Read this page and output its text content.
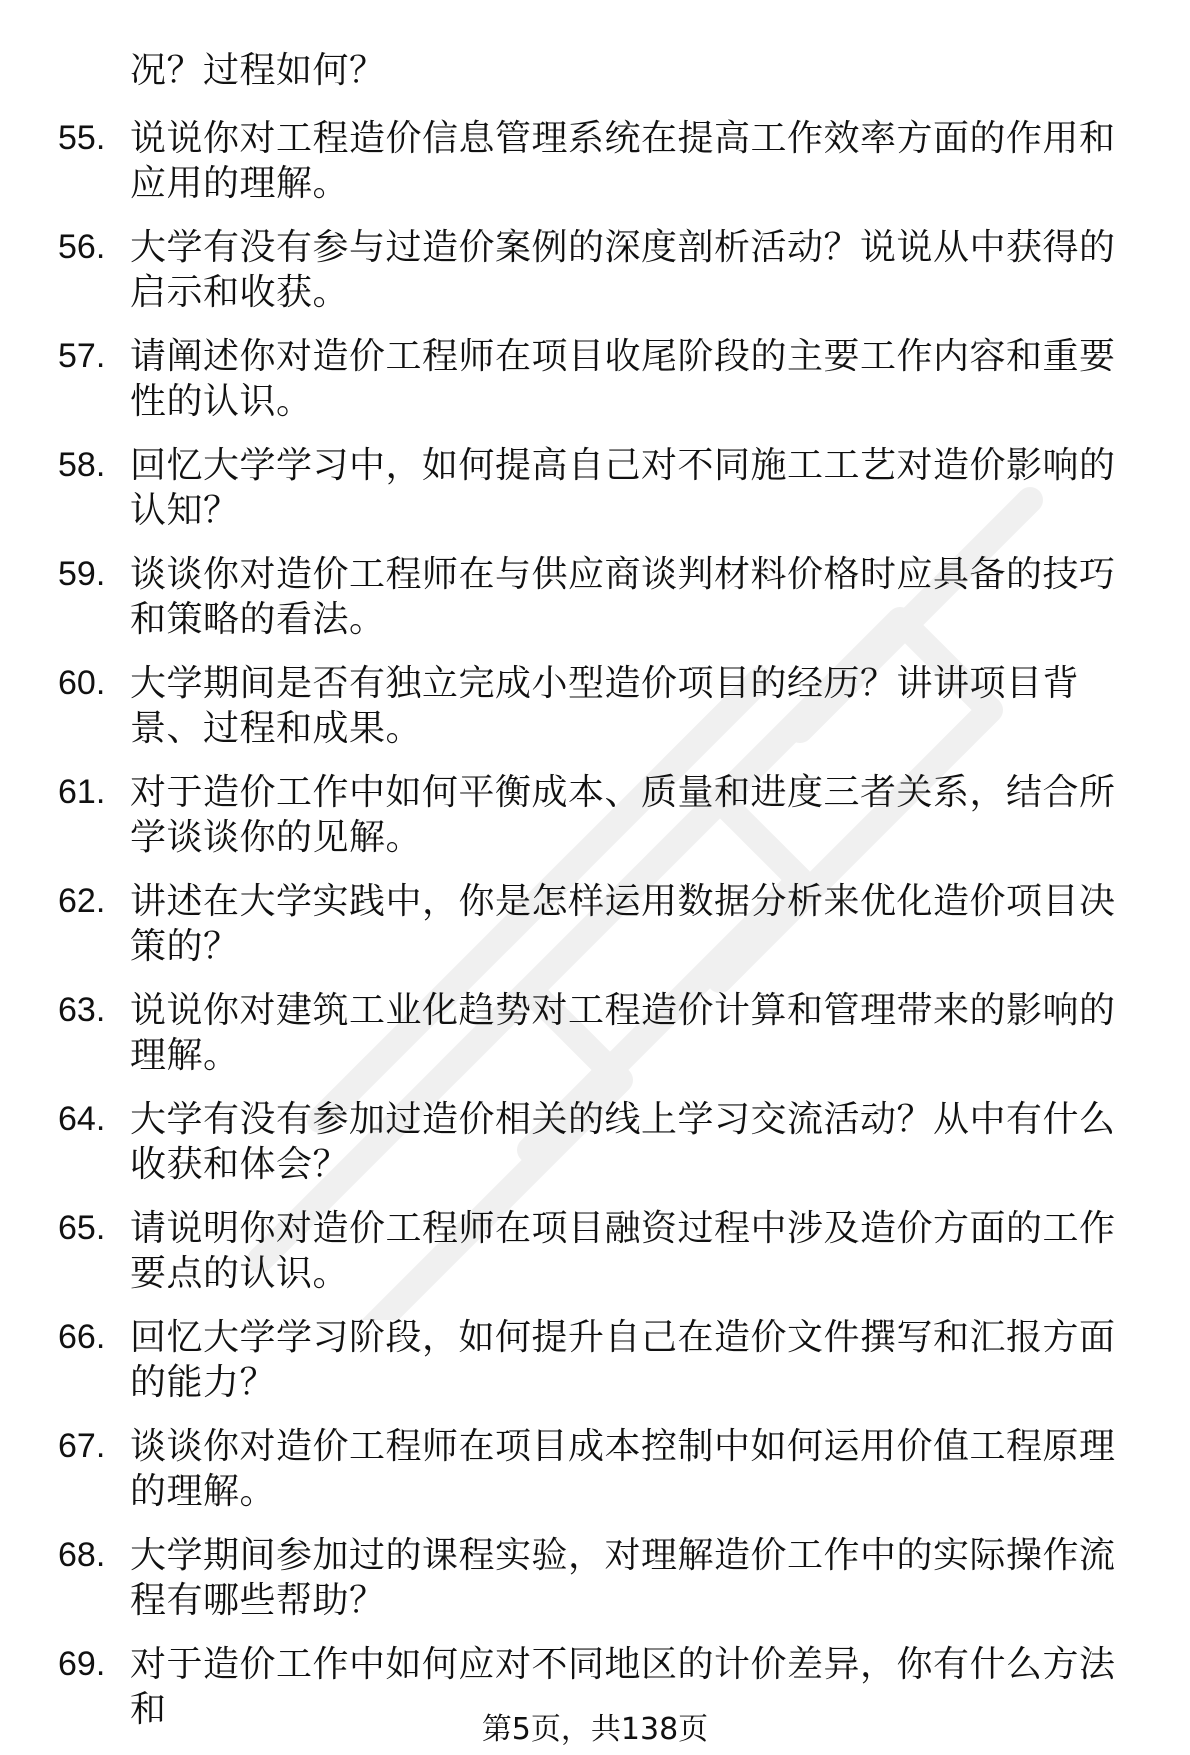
况？过程如何？
55. 说说你对工程造价信息管理系统在提高工作效率方面的作用和应用的理解。
56. 大学有没有参与过造价案例的深度剖析活动？说说从中获得的启示和收获。
57. 请阐述你对造价工程师在项目收尾阶段的主要工作内容和重要性的认识。
58. 回忆大学学习中，如何提高自己对不同施工工艺对造价影响的认知？
59. 谈谈你对造价工程师在与供应商谈判材料价格时应具备的技巧和策略的看法。
60. 大学期间是否有独立完成小型造价项目的经历？讲讲项目背景、过程和成果。
61. 对于造价工作中如何平衡成本、质量和进度三者关系，结合所学谈谈你的见解。
62. 讲述在大学实践中，你是怎样运用数据分析来优化造价项目决策的？
63. 说说你对建筑工业化趋势对工程造价计算和管理带来的影响的理解。
64. 大学有没有参加过造价相关的线上学习交流活动？从中有什么收获和体会？
65. 请说明你对造价工程师在项目融资过程中涉及造价方面的工作要点的认识。
66. 回忆大学学习阶段，如何提升自己在造价文件撰写和汇报方面的能力？
67. 谈谈你对造价工程师在项目成本控制中如何运用价值工程原理的理解。
68. 大学期间参加过的课程实验，对理解造价工作中的实际操作流程有哪些帮助？
69. 对于造价工作中如何应对不同地区的计价差异，你有什么方法和	第5页，共138页
